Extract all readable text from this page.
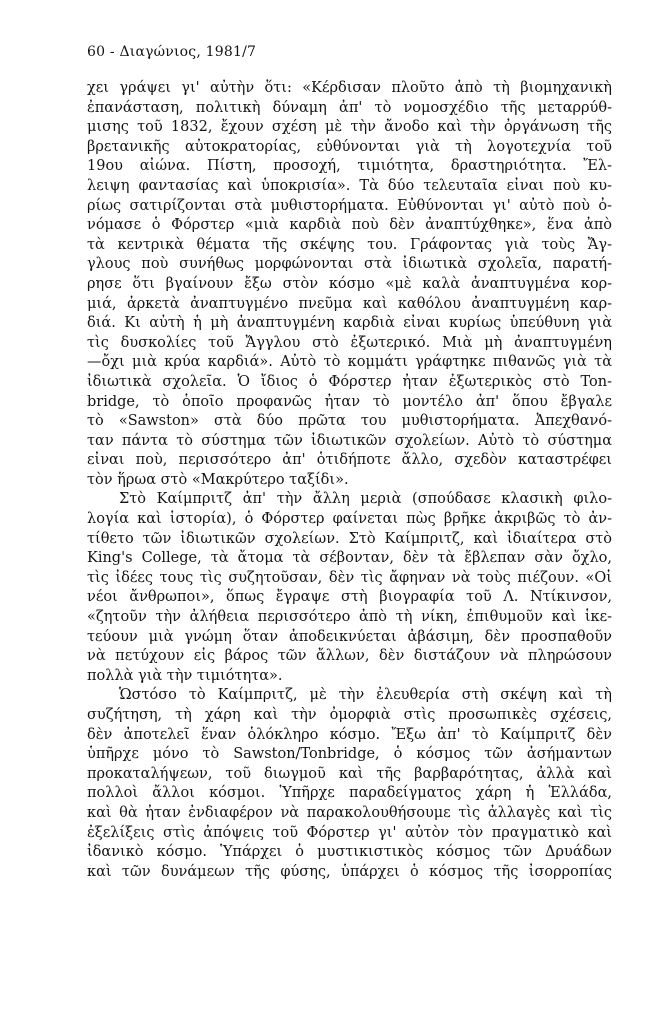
60 - Διαγώνιος, 1981/7
χει γράψει γι' αὐτὴν ὅτι: «Κέρδισαν πλοῦτο ἀπὸ τὴ βιομηχανικὴ
ἐπανάσταση, πολιτικὴ δύναμη ἀπ' τὸ νομοσχέδιο τῆς μεταρρύθ-
μισης τοῦ 1832, ἔχουν σχέση μὲ τὴν ἄνοδο καὶ τὴν ὀργάνωση τῆς
βρετανικῆς αὐτοκρατορίας, εὐθύνονται γιὰ τὴ λογοτεχνία τοῦ
19ου αἰώνα. Πίστη, προσοχή, τιμιότητα, δραστηριότητα. Ἔλ-
λειψη φαντασίας καὶ ὑποκρισία». Τὰ δύο τελευταῖα εἶναι ποὺ κυ-
ρίως σατιρίζονται στὰ μυθιστορήματα. Εὐθύνονται γι' αὐτὸ ποὺ ὀ-
νόμασε ὁ Φόρστερ «μιὰ καρδιὰ ποὺ δὲν ἀναπτύχθηκε», ἕνα ἀπὸ
τὰ κεντρικὰ θέματα τῆς σκέψης του. Γράφοντας γιὰ τοὺς Ἄγ-
γλους ποὺ συνήθως μορφώνονται στὰ ἰδιωτικὰ σχολεῖα, παρατή-
ρησε ὅτι βγαίνουν ἔξω στὸν κόσμο «μὲ καλὰ ἀναπτυγμένα κορ-
μιά, ἀρκετὰ ἀναπτυγμένο πνεῦμα καὶ καθόλου ἀναπτυγμένη καρ-
διά. Κι αὐτὴ ἡ μὴ ἀναπτυγμένη καρδιὰ εἶναι κυρίως ὑπεύθυνη γιὰ
τὶς δυσκολίες τοῦ Ἄγγλου στὸ ἐξωτερικό. Μιὰ μὴ ἀναπτυγμένη
—ὄχι μιὰ κρύα καρδιά». Αὐτὸ τὸ κομμάτι γράφτηκε πιθανῶς γιὰ τὰ
ἰδιωτικὰ σχολεῖα. Ὁ ἴδιος ὁ Φόρστερ ἦταν ἐξωτερικὸς στὸ Ton-
bridge, τὸ ὁποῖο προφανῶς ἦταν τὸ μοντέλο ἀπ' ὅπου ἔβγαλε
τὸ «Sawston» στὰ δύο πρῶτα του μυθιστορήματα. Ἀπεχθανό-
ταν πάντα τὸ σύστημα τῶν ἰδιωτικῶν σχολείων. Αὐτὸ τὸ σύστημα
εἶναι ποὺ, περισσότερο ἀπ' ὁτιδήποτε ἄλλο, σχεδὸν καταστρέφει
τὸν ἥρωα στὸ «Μακρύτερο ταξίδι».
Στὸ Καίμπριτζ ἀπ' τὴν ἄλλη μεριὰ (σπούδασε κλασικὴ φιλο-
λογία καὶ ἱστορία), ὁ Φόρστερ φαίνεται πὼς βρῆκε ἀκριβῶς τὸ ἀν-
τίθετο τῶν ἰδιωτικῶν σχολείων. Στὸ Καίμπριτζ, καὶ ἰδιαίτερα στὸ
King's College, τὰ ἄτομα τὰ σέβονταν, δὲν τὰ ἔβλεπαν σὰν ὄχλο,
τὶς ἰδέες τους τὶς συζητοῦσαν, δὲν τὶς ἄφηναν νὰ τοὺς πιέζουν. «Οἱ
νέοι ἄνθρωποι», ὅπως ἔγραψε στὴ βιογραφία τοῦ Λ. Ντίκινσον,
«ζητοῦν τὴν ἀλήθεια περισσότερο ἀπὸ τὴ νίκη, ἐπιθυμοῦν καὶ ἱκε-
τεύουν μιὰ γνώμη ὅταν ἀποδεικνύεται ἀβάσιμη, δὲν προσπαθοῦν
νὰ πετύχουν εἰς βάρος τῶν ἄλλων, δὲν διστάζουν νὰ πληρώσουν
πολλὰ γιὰ τὴν τιμιότητα».
Ὡστόσο τὸ Καίμπριτζ, μὲ τὴν ἐλευθερία στὴ σκέψη καὶ τὴ
συζήτηση, τὴ χάρη καὶ τὴν ὀμορφιὰ στὶς προσωπικὲς σχέσεις,
δὲν ἀποτελεῖ ἕναν ὁλόκληρο κόσμο. Ἔξω ἀπ' τὸ Καίμπριτζ δὲν
ὑπῆρχε μόνο τὸ Sawston/Tonbridge, ὁ κόσμος τῶν ἀσήμαντων
προκαταλήψεων, τοῦ διωγμοῦ καὶ τῆς βαρβαρότητας, ἀλλὰ καὶ
πολλοὶ ἄλλοι κόσμοι. Ὑπῆρχε παραδείγματος χάρη ἡ Ἑλλάδα,
καὶ θὰ ἦταν ἐνδιαφέρον νὰ παρακολουθήσουμε τὶς ἀλλαγὲς καὶ τὶς
ἐξελίξεις στὶς ἀπόψεις τοῦ Φόρστερ γι' αὐτὸν τὸν πραγματικὸ καὶ
ἰδανικὸ κόσμο. Ὑπάρχει ὁ μυστικιστικὸς κόσμος τῶν Δρυάδων
καὶ τῶν δυνάμεων τῆς φύσης, ὑπάρχει ὁ κόσμος τῆς ἰσορροπίας
